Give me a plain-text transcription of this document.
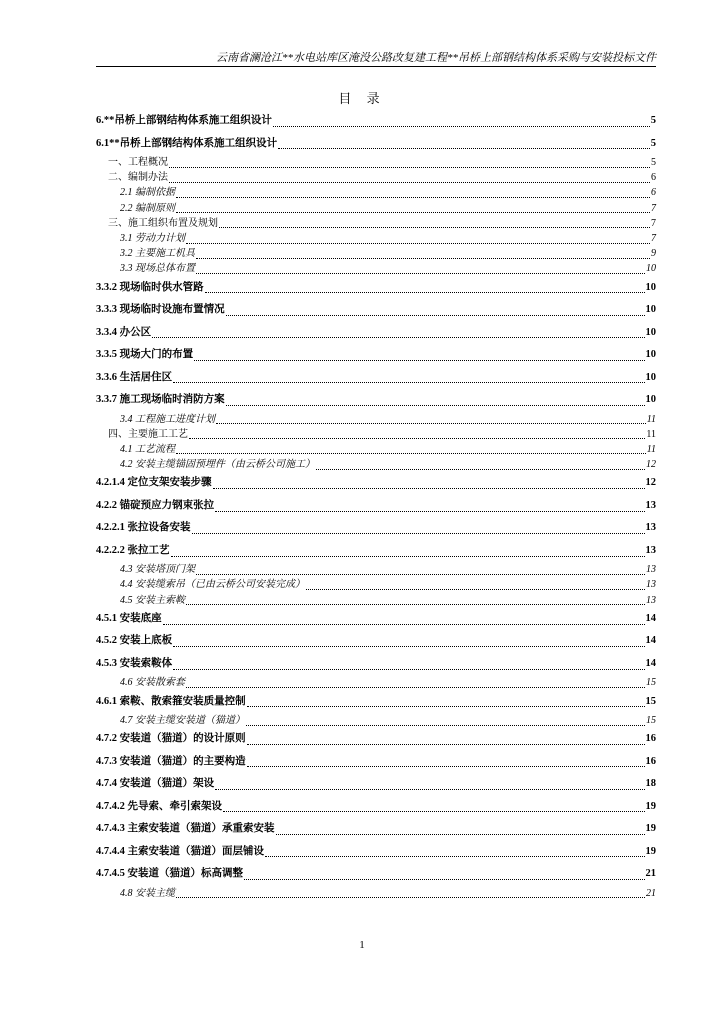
云南省澜沧江**水电站库区淹没公路改复建工程**吊桥上部钢结构体系采购与安装投标文件
目 录
6.**吊桥上部钢结构体系施工组织设计	5
6.1**吊桥上部钢结构体系施工组织设计	5
一、工程概况	5
二、编制办法	6
2.1 编制依据	6
2.2 编制原则	7
三、施工组织布置及规划	7
3.1 劳动力计划	7
3.2 主要施工机具	9
3.3 现场总体布置	10
3.3.2 现场临时供水管路	10
3.3.3 现场临时设施布置情况	10
3.3.4 办公区	10
3.3.5 现场大门的布置	10
3.3.6 生活居住区	10
3.3.7 施工现场临时消防方案	10
3.4 工程施工进度计划	11
四、主要施工工艺	11
4.1 工艺流程	11
4.2 安装主缆锚固预埋件（由云桥公司施工）	12
4.2.1.4 定位支架安装步骤	12
4.2.2 锚碇预应力钢束张拉	13
4.2.2.1 张拉设备安装	13
4.2.2.2 张拉工艺	13
4.3 安装塔顶门架	13
4.4 安装缆索吊（已由云桥公司安装完成）	13
4.5 安装主索鞍	13
4.5.1 安装底座	14
4.5.2 安装上底板	14
4.5.3 安装索鞍体	14
4.6 安装散索套	15
4.6.1 索鞍、散索箍安装质量控制	15
4.7 安装主缆安装道（猫道）	15
4.7.2 安装道（猫道）的设计原则	16
4.7.3 安装道（猫道）的主要构造	16
4.7.4 安装道（猫道）架设	18
4.7.4.2 先导索、牵引索架设	19
4.7.4.3 主索安装道（猫道）承重索安装	19
4.7.4.4 主索安装道（猫道）面层铺设	19
4.7.4.5 安装道（猫道）标高调整	21
4.8 安装主缆	21
1
